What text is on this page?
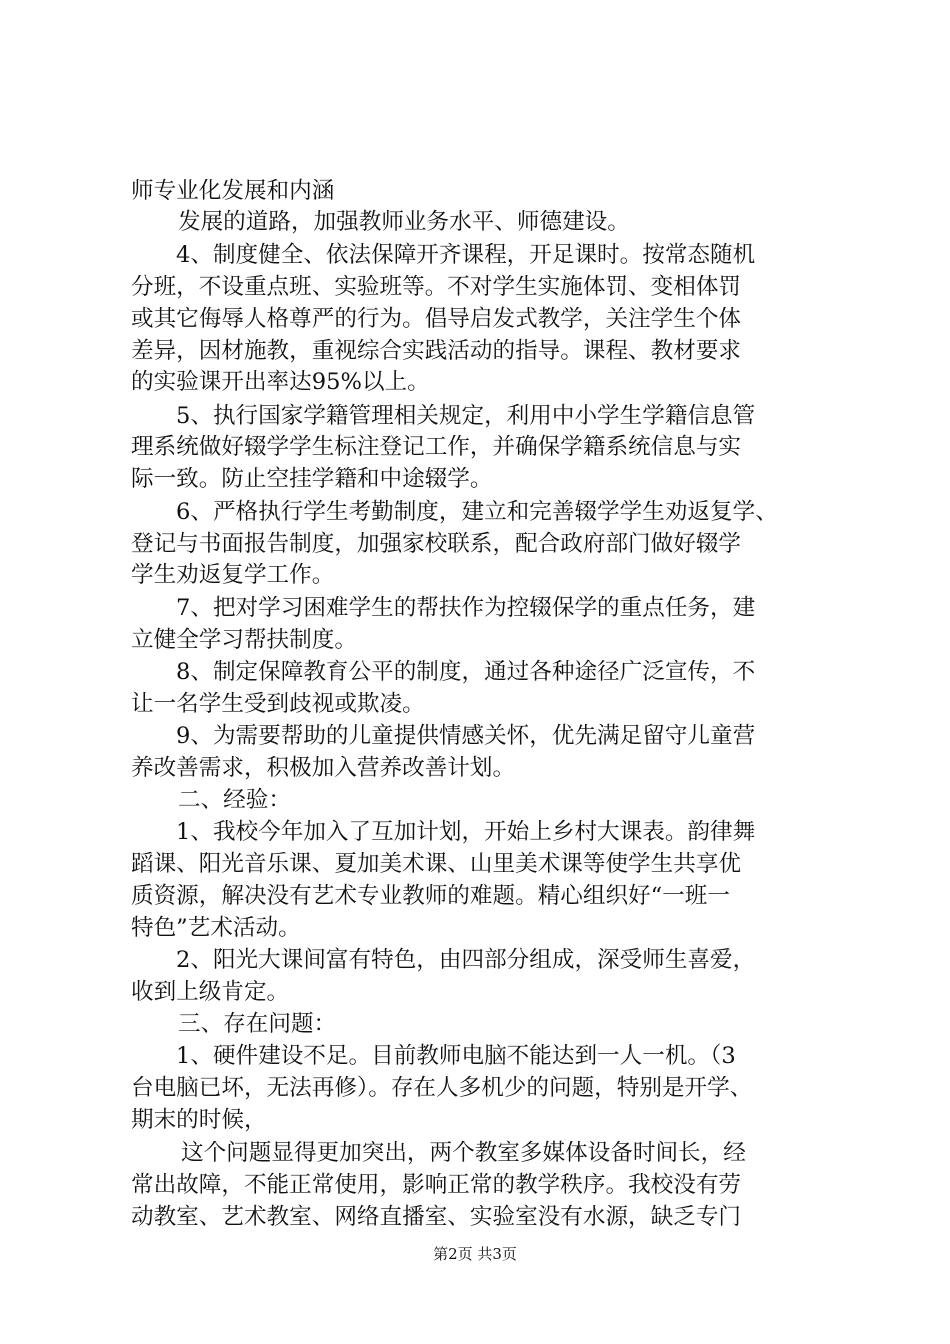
师专业化发展和内涵

发展的道路，加强教师业务水平、师德建设。

4、制度健全、依法保障开齐课程，开足课时。按常态随机

分班，不设重点班、实验班等。不对学生实施体罚、变相体罚

或其它侮辱人格尊严的行为。倡导启发式教学，关注学生个体

差异，因材施教，重视综合实践活动的指导。课程、教材要求

的实验课开出率达95%以上。

5、执行国家学籍管理相关规定，利用中小学生学籍信息管

理系统做好辍学学生标注登记工作，并确保学籍系统信息与实

际一致。防止空挂学籍和中途辍学。

6、严格执行学生考勤制度，建立和完善辍学学生劝返复学、

登记与书面报告制度，加强家校联系，配合政府部门做好辍学

学生劝返复学工作。

7、把对学习困难学生的帮扶作为控辍保学的重点任务，建

立健全学习帮扶制度。

8、制定保障教育公平的制度，通过各种途径广泛宣传，不

让一名学生受到歧视或欺凌。

9、为需要帮助的儿童提供情感关怀，优先满足留守儿童营

养改善需求，积极加入营养改善计划。

二、经验：

1、我校今年加入了互加计划，开始上乡村大课表。韵律舞

蹈课、阳光音乐课、夏加美术课、山里美术课等使学生共享优

质资源，解决没有艺术专业教师的难题。精心组织好“一班一

特色”艺术活动。

2、阳光大课间富有特色，由四部分组成，深受师生喜爱，

收到上级肯定。

三、存在问题：

1、硬件建设不足。目前教师电脑不能达到一人一机。（3

台电脑已坏，无法再修）。存在人多机少的问题，特别是开学、

期末的时候，

这个问题显得更加突出，两个教室多媒体设备时间长，经

常出故障，不能正常使用，影响正常的教学秩序。我校没有劳

动教室、艺术教室、网络直播室、实验室没有水源，缺乏专门

第2页 共3页
